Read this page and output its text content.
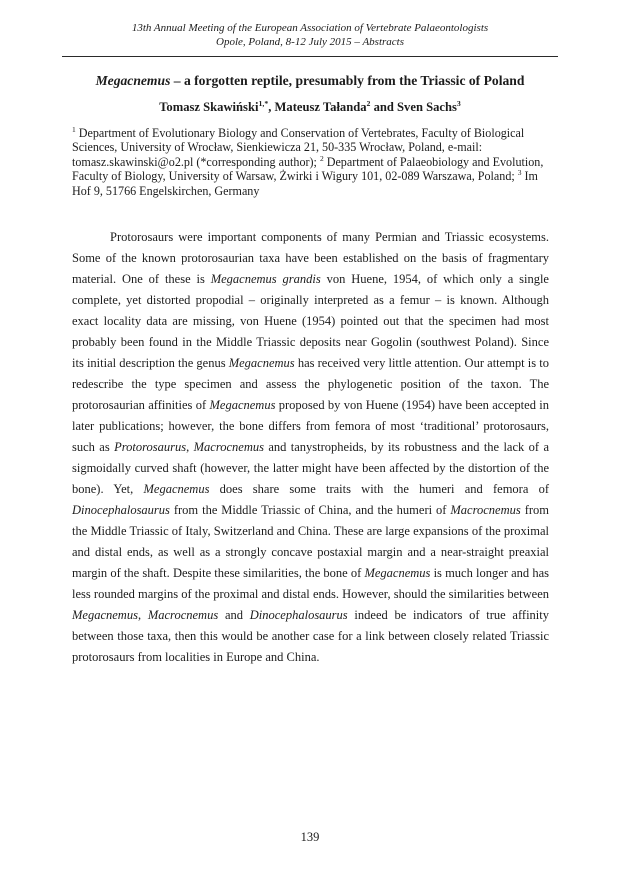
13th Annual Meeting of the European Association of Vertebrate Palaeontologists
Opole, Poland, 8-12 July 2015 – Abstracts
Megacnemus – a forgotten reptile, presumably from the Triassic of Poland
Tomasz Skawiński$^{1,*}$, Mateusz Tałanda$^2$ and Sven Sachs$^3$
$^1$ Department of Evolutionary Biology and Conservation of Vertebrates, Faculty of Biological Sciences, University of Wrocław, Sienkiewicza 21, 50-335 Wrocław, Poland, e-mail: tomasz.skawinski@o2.pl (*corresponding author); $^2$ Department of Palaeobiology and Evolution, Faculty of Biology, University of Warsaw, Żwirki i Wigury 101, 02-089 Warszawa, Poland; $^3$ Im Hof 9, 51766 Engelskirchen, Germany
Protorosaurs were important components of many Permian and Triassic ecosystems. Some of the known protorosaurian taxa have been established on the basis of fragmentary material. One of these is Megacnemus grandis von Huene, 1954, of which only a single complete, yet distorted propodial – originally interpreted as a femur – is known. Although exact locality data are missing, von Huene (1954) pointed out that the specimen had most probably been found in the Middle Triassic deposits near Gogolin (southwest Poland). Since its initial description the genus Megacnemus has received very little attention. Our attempt is to redescribe the type specimen and assess the phylogenetic position of the taxon. The protorosaurian affinities of Megacnemus proposed by von Huene (1954) have been accepted in later publications; however, the bone differs from femora of most ‘traditional’ protorosaurs, such as Protorosaurus, Macrocnemus and tanystropheids, by its robustness and the lack of a sigmoidally curved shaft (however, the latter might have been affected by the distortion of the bone). Yet, Megacnemus does share some traits with the humeri and femora of Dinocephalosaurus from the Middle Triassic of China, and the humeri of Macrocnemus from the Middle Triassic of Italy, Switzerland and China. These are large expansions of the proximal and distal ends, as well as a strongly concave postaxial margin and a near-straight preaxial margin of the shaft. Despite these similarities, the bone of Megacnemus is much longer and has less rounded margins of the proximal and distal ends. However, should the similarities between Megacnemus, Macrocnemus and Dinocephalosaurus indeed be indicators of true affinity between those taxa, then this would be another case for a link between closely related Triassic protorosaurs from localities in Europe and China.
139
